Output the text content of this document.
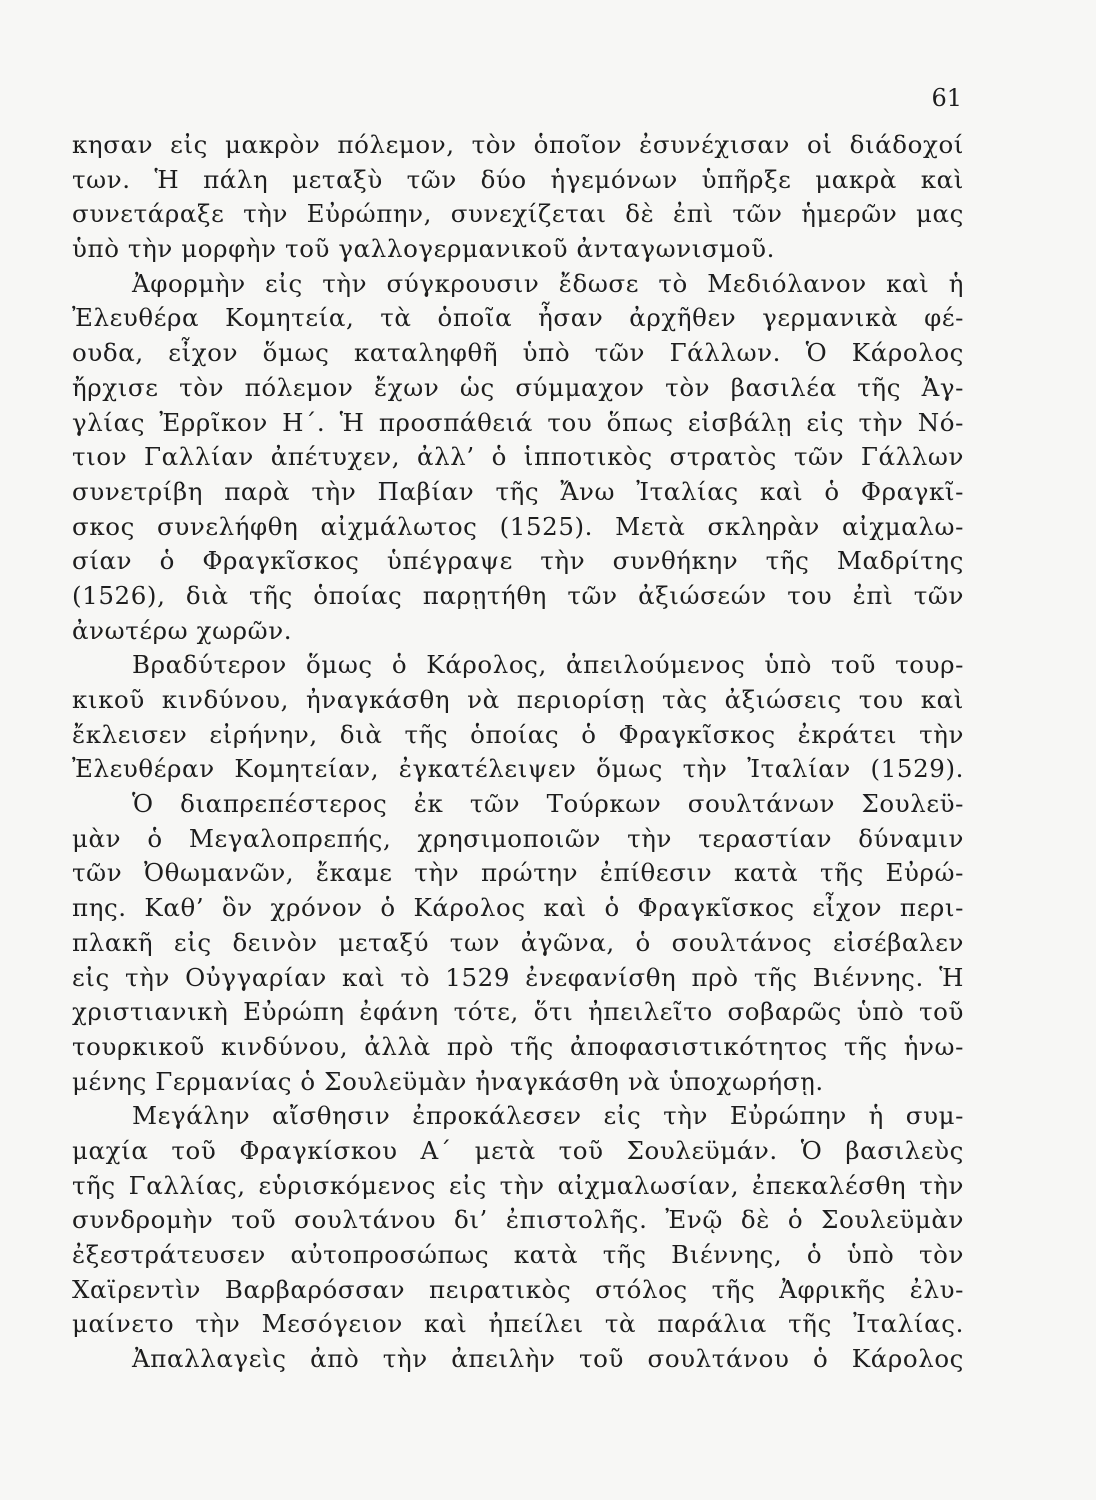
61
κησαν εἰς μακρὸν πόλεμον, τὸν ὁποῖον ἐσυνέχισαν οἱ διάδοχοί
των. Ἡ πάλη μεταξὺ τῶν δύο ἡγεμόνων ὑπῆρξε μακρὰ καὶ
συνετάραξε τὴν Εὐρώπην, συνεχίζεται δὲ ἐπὶ τῶν ἡμερῶν μας
ὑπὸ τὴν μορφὴν τοῦ γαλλογερμανικοῦ ἀνταγωνισμοῦ.
Ἀφορμὴν εἰς τὴν σύγκρουσιν ἔδωσε τὸ Μεδιόλανον καὶ ἡ
Ἐλευθέρα Κομητεία, τὰ ὁποῖα ἦσαν ἀρχῆθεν γερμανικὰ φέ-
ουδα, εἶχον ὅμως καταληφθῆ ὑπὸ τῶν Γάλλων. Ὁ Κάρολος
ἤρχισε τὸν πόλεμον ἔχων ὡς σύμμαχον τὸν βασιλέα τῆς Ἀγ-
γλίας Ἐρρῖκον Η΄. Ἡ προσπάθειά του ὅπως εἰσβάλῃ εἰς τὴν Νό-
τιον Γαλλίαν ἀπέτυχεν, ἀλλ’ ὁ ἱπποτικὸς στρατὸς τῶν Γάλλων
συνετρίβη παρὰ τὴν Παβίαν τῆς Ἄνω Ἰταλίας καὶ ὁ Φραγκῖ-
σκος συνελήφθη αἰχμάλωτος (1525). Μετὰ σκληρὰν αἰχμαλω-
σίαν ὁ Φραγκῖσκος ὑπέγραψε τὴν συνθήκην τῆς Μαδρίτης
(1526), διὰ τῆς ὁποίας παρῃτήθη τῶν ἀξιώσεών του ἐπὶ τῶν
ἀνωτέρω χωρῶν.
Βραδύτερον ὅμως ὁ Κάρολος, ἀπειλούμενος ὑπὸ τοῦ τουρ-
κικοῦ κινδύνου, ἠναγκάσθη νὰ περιορίσῃ τὰς ἀξιώσεις του καὶ
ἔκλεισεν εἰρήνην, διὰ τῆς ὁποίας ὁ Φραγκῖσκος ἐκράτει τὴν
Ἐλευθέραν Κομητείαν, ἐγκατέλειψεν ὅμως τὴν Ἰταλίαν (1529).
Ὁ διαπρεπέστερος ἐκ τῶν Τούρκων σουλτάνων Σουλεϋ-
μὰν ὁ Μεγαλοπρεπής, χρησιμοποιῶν τὴν τεραστίαν δύναμιν
τῶν Ὀθωμανῶν, ἔκαμε τὴν πρώτην ἐπίθεσιν κατὰ τῆς Εὐρώ-
πης. Καθ’ ὃν χρόνον ὁ Κάρολος καὶ ὁ Φραγκῖσκος εἶχον περι-
πλακῆ εἰς δεινὸν μεταξύ των ἀγῶνα, ὁ σουλτάνος εἰσέβαλεν
εἰς τὴν Οὐγγαρίαν καὶ τὸ 1529 ἐνεφανίσθη πρὸ τῆς Βιέννης. Ἡ
χριστιανικὴ Εὐρώπη ἐφάνη τότε, ὅτι ἠπειλεῖτο σοβαρῶς ὑπὸ τοῦ
τουρκικοῦ κινδύνου, ἀλλὰ πρὸ τῆς ἀποφασιστικότητος τῆς ἡνω-
μένης Γερμανίας ὁ Σουλεϋμὰν ἠναγκάσθη νὰ ὑποχωρήσῃ.
Μεγάλην αἴσθησιν ἐπροκάλεσεν εἰς τὴν Εὐρώπην ἡ συμ-
μαχία τοῦ Φραγκίσκου Α΄ μετὰ τοῦ Σουλεϋμάν. Ὁ βασιλεὺς
τῆς Γαλλίας, εὑρισκόμενος εἰς τὴν αἰχμαλωσίαν, ἐπεκαλέσθη τὴν
συνδρομὴν τοῦ σουλτάνου δι’ ἐπιστολῆς. Ἐνῷ δὲ ὁ Σουλεϋμὰν
ἐξεστράτευσεν αὐτοπροσώπως κατὰ τῆς Βιέννης, ὁ ὑπὸ τὸν
Χαϊρεντὶν Βαρβαρόσσαν πειρατικὸς στόλος τῆς Ἀφρικῆς ἐλυ-
μαίνετο τὴν Μεσόγειον καὶ ἠπείλει τὰ παράλια τῆς Ἰταλίας.
Ἀπαλλαγεὶς ἀπὸ τὴν ἀπειλὴν τοῦ σουλτάνου ὁ Κάρολος
